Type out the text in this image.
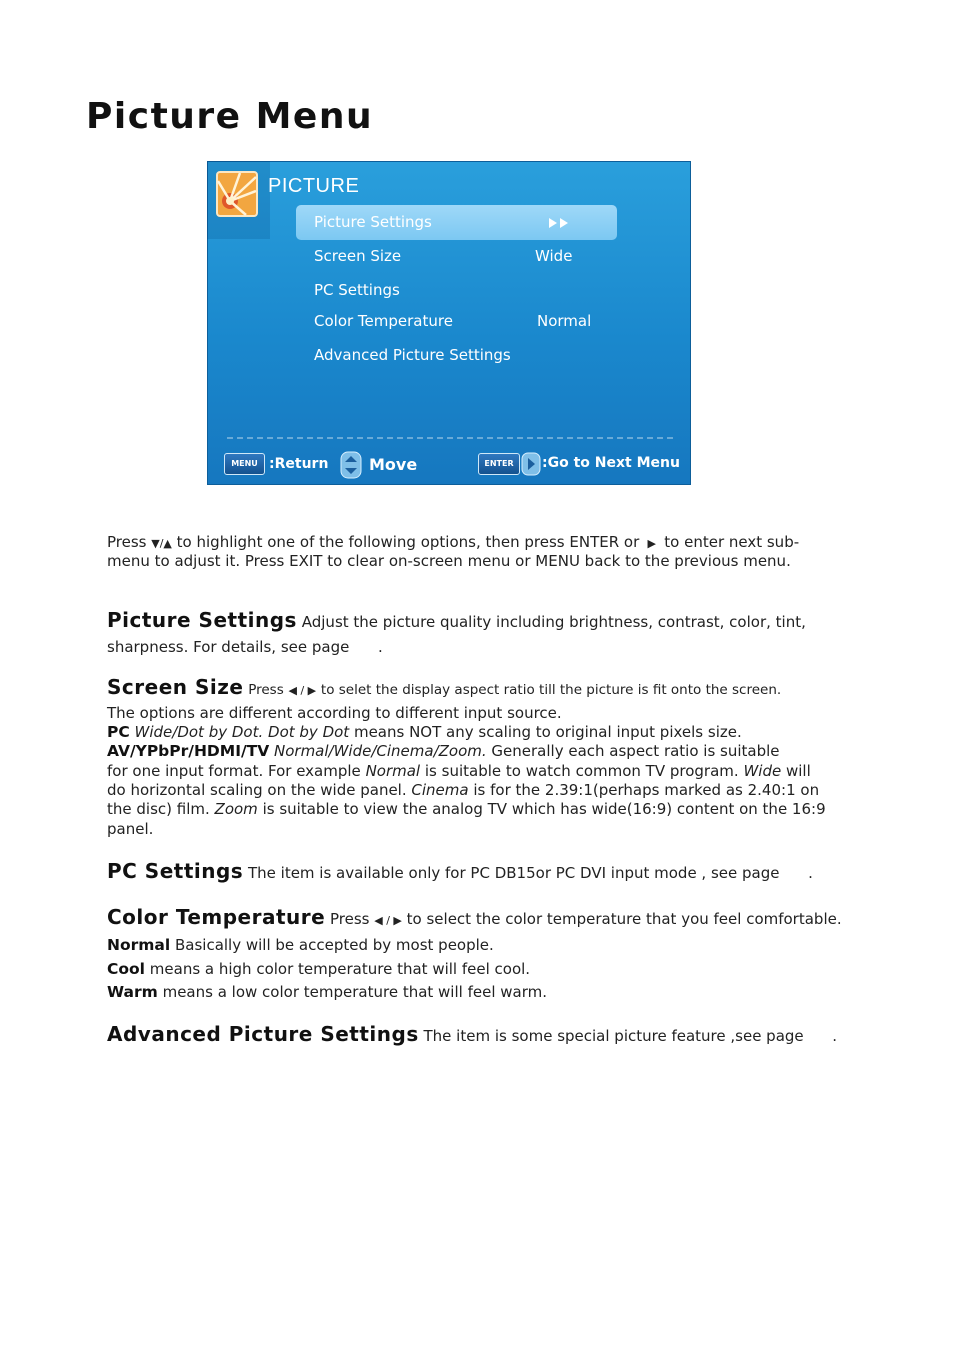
Picture Menu
PICTURE
Picture Settings
Screen Size	Wide
PC Settings
Color Temperature	Normal
Advanced Picture Settings
MENU :Return	Move	ENTER	:Go to Next Menu
Press ▼/▲ to highlight one of the following options, then press ENTER or  ▶  to enter next sub-
menu to adjust it. Press EXIT to clear on-screen menu or MENU back to the previous menu.
Picture Settings Adjust the picture quality including brightness, contrast, color, tint,
sharpness. For details, see page .
Screen Size Press ◀ / ▶ to selet the display aspect ratio till the picture is fit onto the screen.
The options are different according to different input source.
PC Wide/Dot by Dot. Dot by Dot means NOT any scaling to original input pixels size.
AV/YPbPr/HDMI/TV Normal/Wide/Cinema/Zoom. Generally each aspect ratio is suitable
for one input format. For example Normal is suitable to watch common TV program. Wide will
do horizontal scaling on the wide panel. Cinema is for the 2.39:1(perhaps marked as 2.40:1 on
the disc) film. Zoom is suitable to view the analog TV which has wide(16:9) content on the 16:9
panel.
PC Settings The item is available only for PC DB15or PC DVI input mode , see page .
Color Temperature Press ◀ / ▶ to select the color temperature that you feel comfortable.
Normal Basically will be accepted by most people.
Cool means a high color temperature that will feel cool.
Warm means a low color temperature that will feel warm.
Advanced Picture Settings The item is some special picture feature ,see page .
